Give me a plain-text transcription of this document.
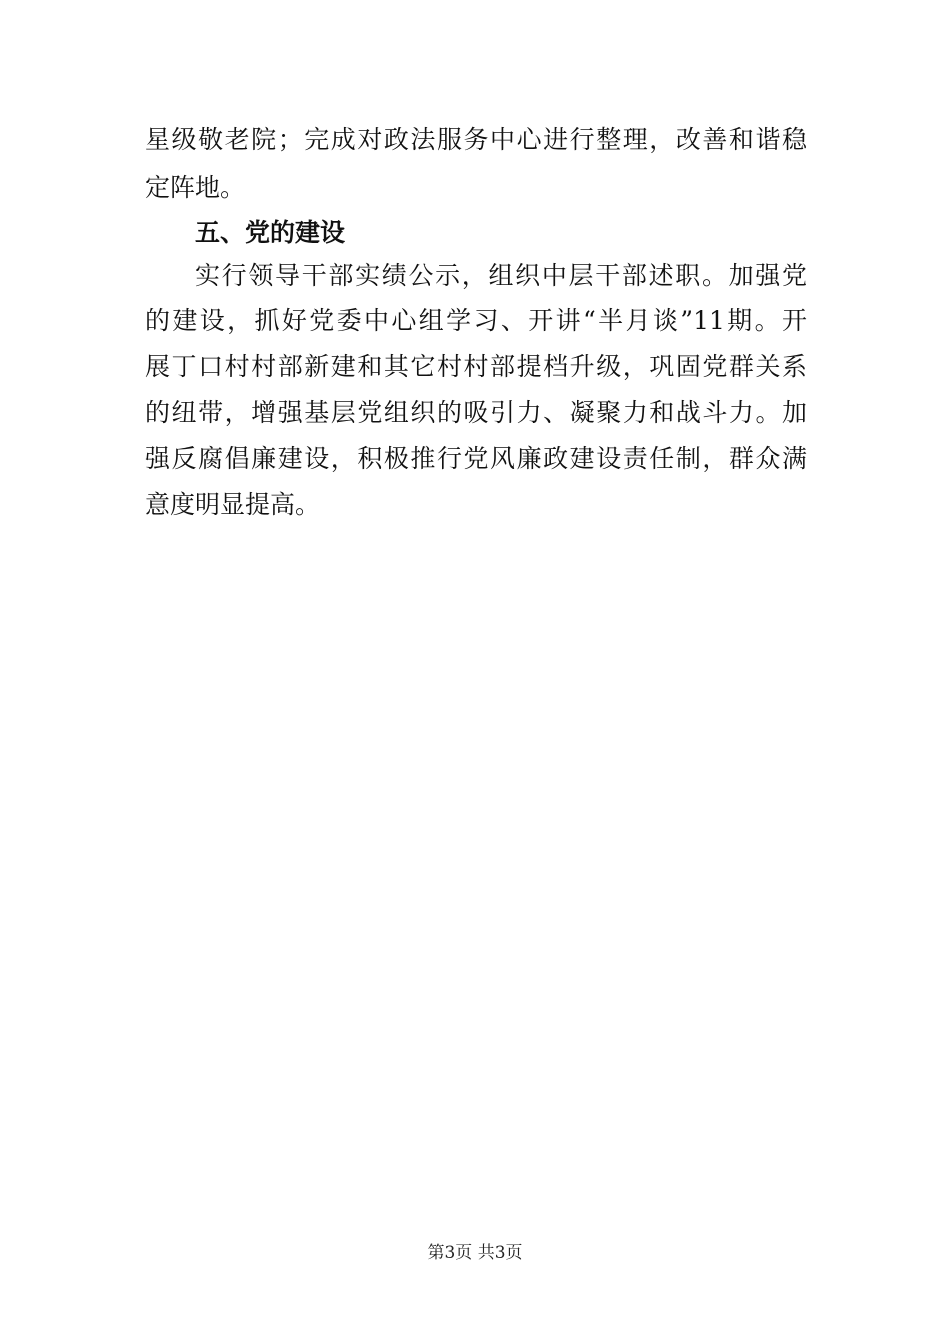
星级敬老院；完成对政法服务中心进行整理，改善和谐稳
定阵地。
五、党的建设
实行领导干部实绩公示，组织中层干部述职。加强党
的建设，抓好党委中心组学习、开讲“半月谈”11期。开
展丁口村村部新建和其它村村部提档升级，巩固党群关系
的纽带，增强基层党组织的吸引力、凝聚力和战斗力。加
强反腐倡廉建设，积极推行党风廉政建设责任制，群众满
意度明显提高。
第3页 共3页
